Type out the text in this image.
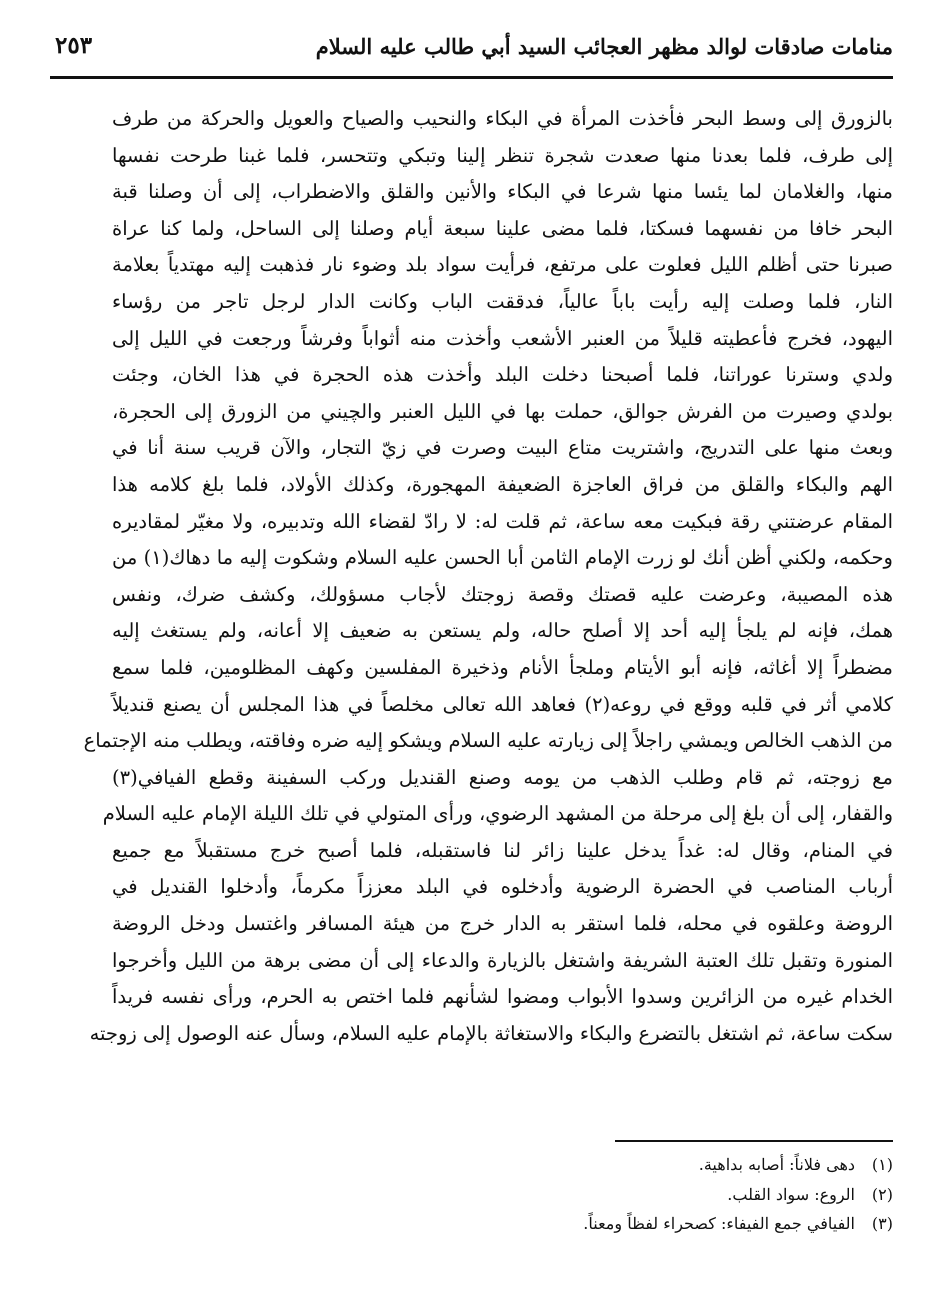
منامات صادقات لوالد مظهر العجائب السيد أبي طالب عليه السلام
٢٥٣
بالزورق إلى وسط البحر فأخذت المرأة في البكاء والنحيب والصياح والعويل والحركة من طرف
إلى طرف، فلما بعدنا منها صعدت شجرة تنظر إلينا وتبكي وتتحسر، فلما غبنا طرحت نفسها
منها، والغلامان لما يئسا منها شرعا في البكاء والأنين والقلق والاضطراب، إلى أن وصلنا قبة
البحر خافا من نفسهما فسكتا، فلما مضى علينا سبعة أيام وصلنا إلى الساحل، ولما كنا عراة
صبرنا حتى أظلم الليل فعلوت على مرتفع، فرأيت سواد بلد وضوء نار فذهبت إليه مهتدياً بعلامة
النار، فلما وصلت إليه رأيت باباً عالياً، فدققت الباب وكانت الدار لرجل تاجر من رؤساء
اليهود، فخرج فأعطيته قليلاً من العنبر الأشعب وأخذت منه أثواباً وفرشاً ورجعت في الليل إلى
ولدي وسترنا عوراتنا، فلما أصبحنا دخلت البلد وأخذت هذه الحجرة في هذا الخان، وجئت
بولدي وصيرت من الفرش جوالق، حملت بها في الليل العنبر والچيني من الزورق إلى الحجرة،
وبعث منها على التدريج، واشتريت متاع البيت وصرت في زيّ التجار، والآن قريب سنة أنا في
الهم والبكاء والقلق من فراق العاجزة الضعيفة المهجورة، وكذلك الأولاد، فلما بلغ كلامه هذا
المقام عرضتني رقة فبكيت معه ساعة، ثم قلت له: لا رادّ لقضاء الله وتدبيره، ولا مغيّر لمقاديره
وحكمه، ولكني أظن أنك لو زرت الإمام الثامن أبا الحسن عليه السلام وشكوت إليه ما دهاك(١) من
هذه المصيبة، وعرضت عليه قصتك وقصة زوجتك لأجاب مسؤولك، وكشف ضرك، ونفس
همك، فإنه لم يلجأ إليه أحد إلا أصلح حاله، ولم يستعن به ضعيف إلا أعانه، ولم يستغث إليه
مضطراً إلا أغاثه، فإنه أبو الأيتام وملجأ الأنام وذخيرة المفلسين وكهف المظلومين، فلما سمع
كلامي أثر في قلبه ووقع في روعه(٢) فعاهد الله تعالى مخلصاً في هذا المجلس أن يصنع قنديلاً
من الذهب الخالص ويمشي راجلاً إلى زيارته عليه السلام ويشكو إليه ضره وفاقته، ويطلب منه الإجتماع
مع زوجته، ثم قام وطلب الذهب من يومه وصنع القنديل وركب السفينة وقطع الفيافي(٣)
والقفار، إلى أن بلغ إلى مرحلة من المشهد الرضوي، ورأى المتولي في تلك الليلة الإمام عليه السلام
في المنام، وقال له: غداً يدخل علينا زائر لنا فاستقبله، فلما أصبح خرج مستقبلاً مع جميع
أرباب المناصب في الحضرة الرضوية وأدخلوه في البلد معززاً مكرماً، وأدخلوا القنديل في
الروضة وعلقوه في محله، فلما استقر به الدار خرج من هيئة المسافر واغتسل ودخل الروضة
المنورة وتقبل تلك العتبة الشريفة واشتغل بالزيارة والدعاء إلى أن مضى برهة من الليل وأخرجوا
الخدام غيره من الزائرين وسدوا الأبواب ومضوا لشأنهم فلما اختص به الحرم، ورأى نفسه فريداً
سكت ساعة، ثم اشتغل بالتضرع والبكاء والاستغاثة بالإمام عليه السلام، وسأل عنه الوصول إلى زوجته
(١)دهى فلاناً: أصابه بداهية.
(٢)الروع: سواد القلب.
(٣)الفيافي جمع الفيفاء: كصحراء لفظاً ومعناً.
